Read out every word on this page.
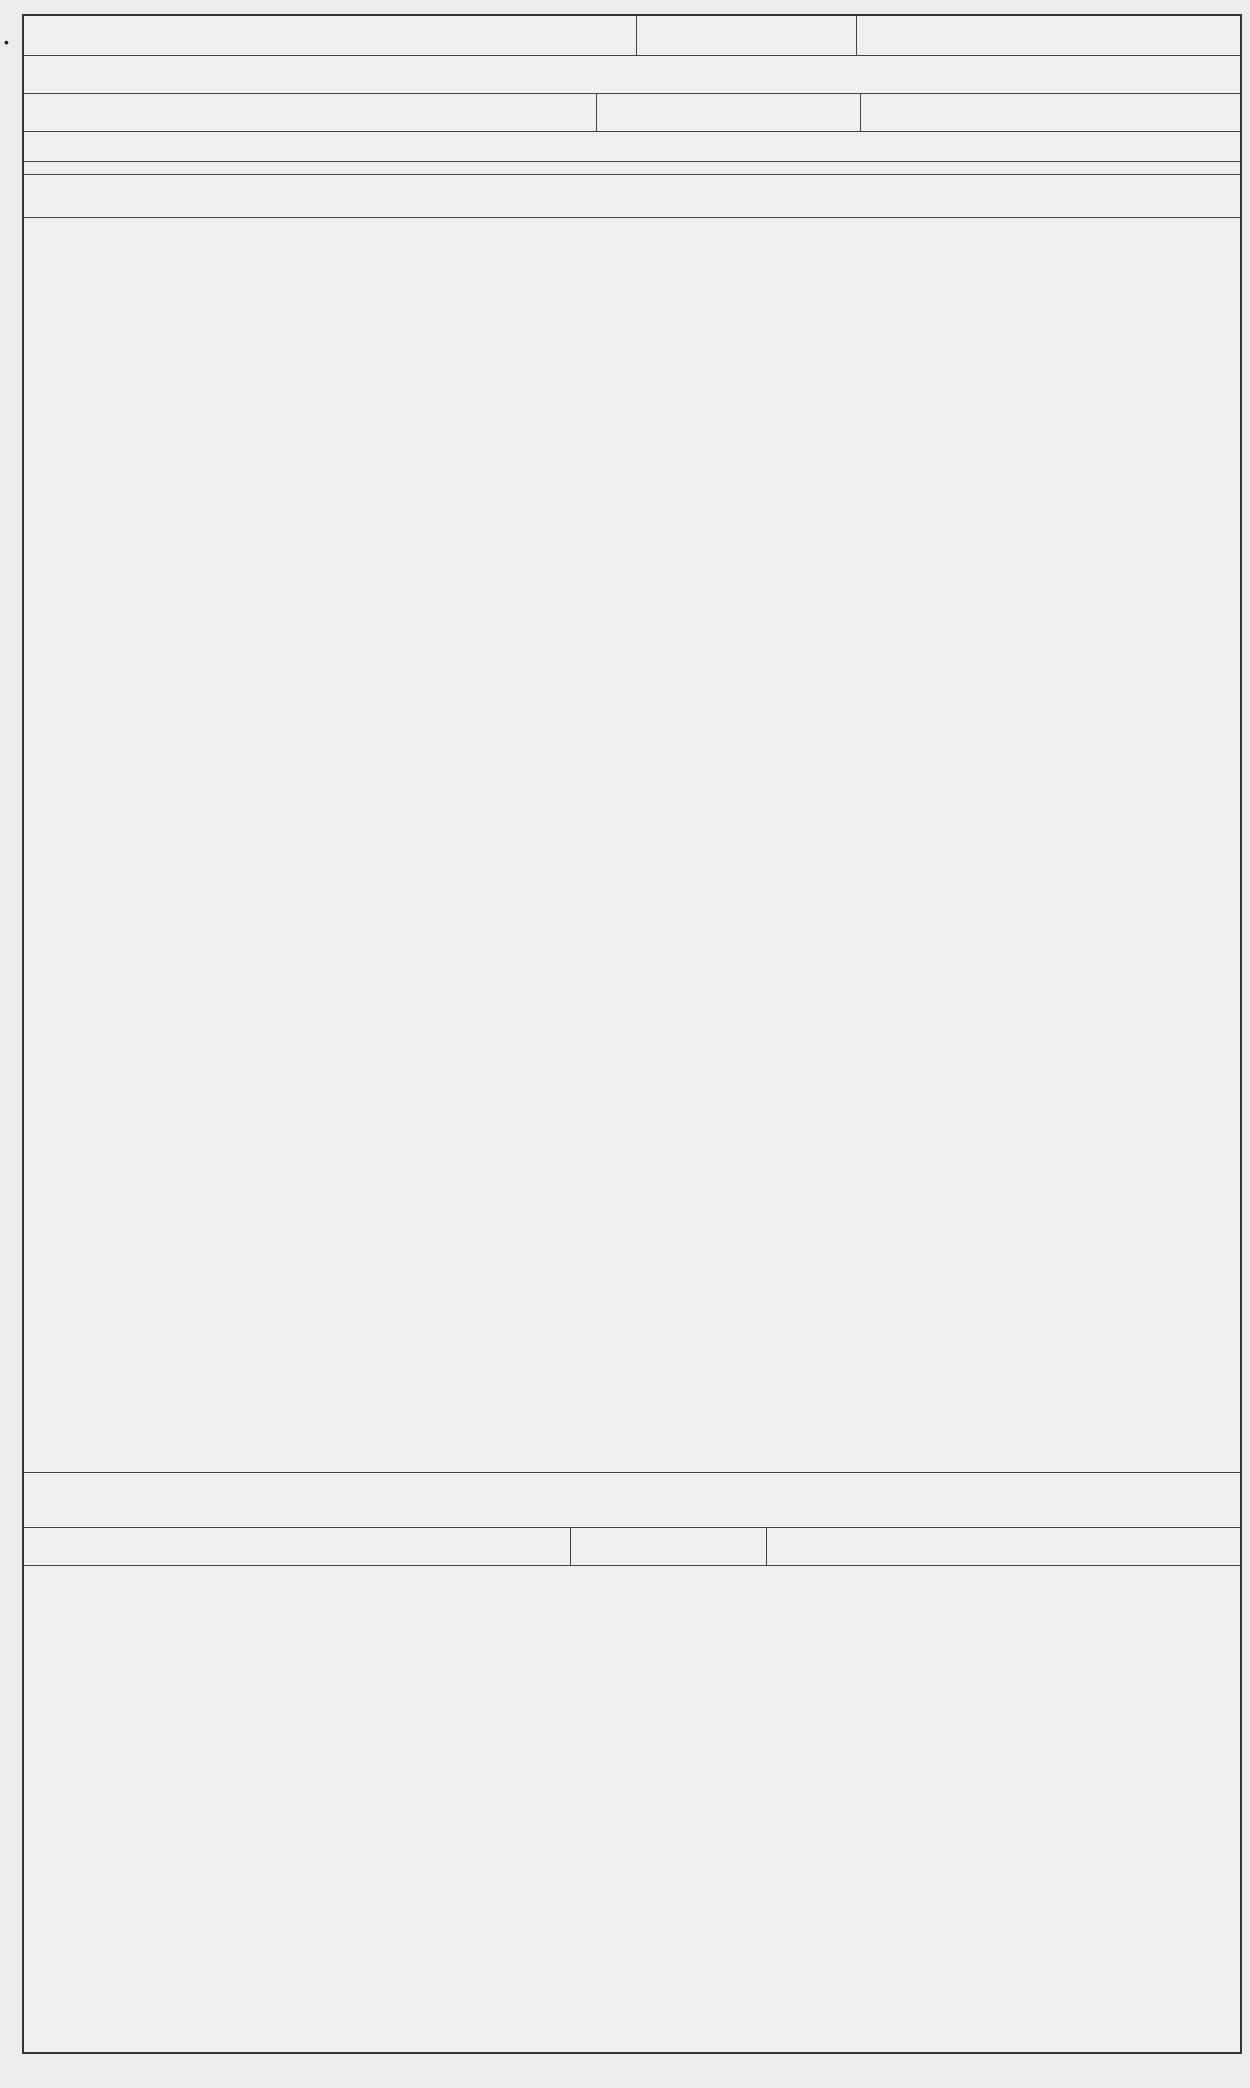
•
